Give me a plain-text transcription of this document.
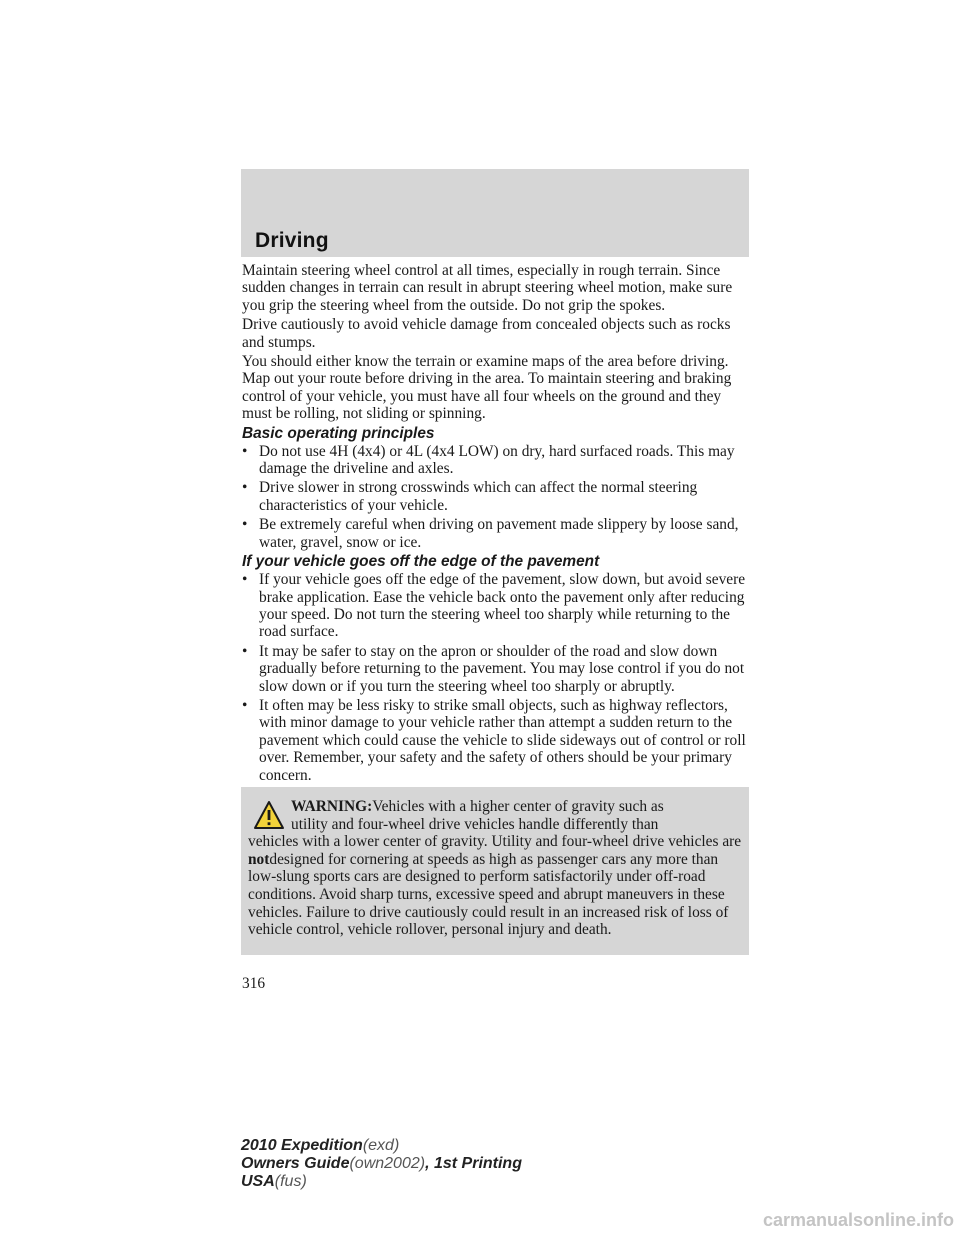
Driving

Maintain steering wheel control at all times, especially in rough terrain. Since sudden changes in terrain can result in abrupt steering wheel motion, make sure you grip the steering wheel from the outside. Do not grip the spokes.

Drive cautiously to avoid vehicle damage from concealed objects such as rocks and stumps.

You should either know the terrain or examine maps of the area before driving. Map out your route before driving in the area. To maintain steering and braking control of your vehicle, you must have all four wheels on the ground and they must be rolling, not sliding or spinning.

Basic operating principles
• Do not use 4H (4x4) or 4L (4x4 LOW) on dry, hard surfaced roads. This may damage the driveline and axles.
• Drive slower in strong crosswinds which can affect the normal steering characteristics of your vehicle.
• Be extremely careful when driving on pavement made slippery by loose sand, water, gravel, snow or ice.
If your vehicle goes off the edge of the pavement
• If your vehicle goes off the edge of the pavement, slow down, but avoid severe brake application. Ease the vehicle back onto the pavement only after reducing your speed. Do not turn the steering wheel too sharply while returning to the road surface.
• It may be safer to stay on the apron or shoulder of the road and slow down gradually before returning to the pavement. You may lose control if you do not slow down or if you turn the steering wheel too sharply or abruptly.
• It often may be less risky to strike small objects, such as highway reflectors, with minor damage to your vehicle rather than attempt a sudden return to the pavement which could cause the vehicle to slide sideways out of control or roll over. Remember, your safety and the safety of others should be your primary concern.
WARNING:Vehicles with a higher center of gravity such as
utility and four-wheel drive vehicles handle differently than
vehicles with a lower center of gravity. Utility and four-wheel drive vehicles are notdesigned for cornering at speeds as high as passenger cars any more than low-slung sports cars are designed to perform satisfactorily under off-road conditions. Avoid sharp turns, excessive speed and abrupt maneuvers in these vehicles. Failure to drive cautiously could result in an increased risk of loss of vehicle control, vehicle rollover, personal injury and death.
316
2010 Expedition(exd)
Owners Guide(own2002), 1st Printing
USA(fus)
carmanualsonline.info
